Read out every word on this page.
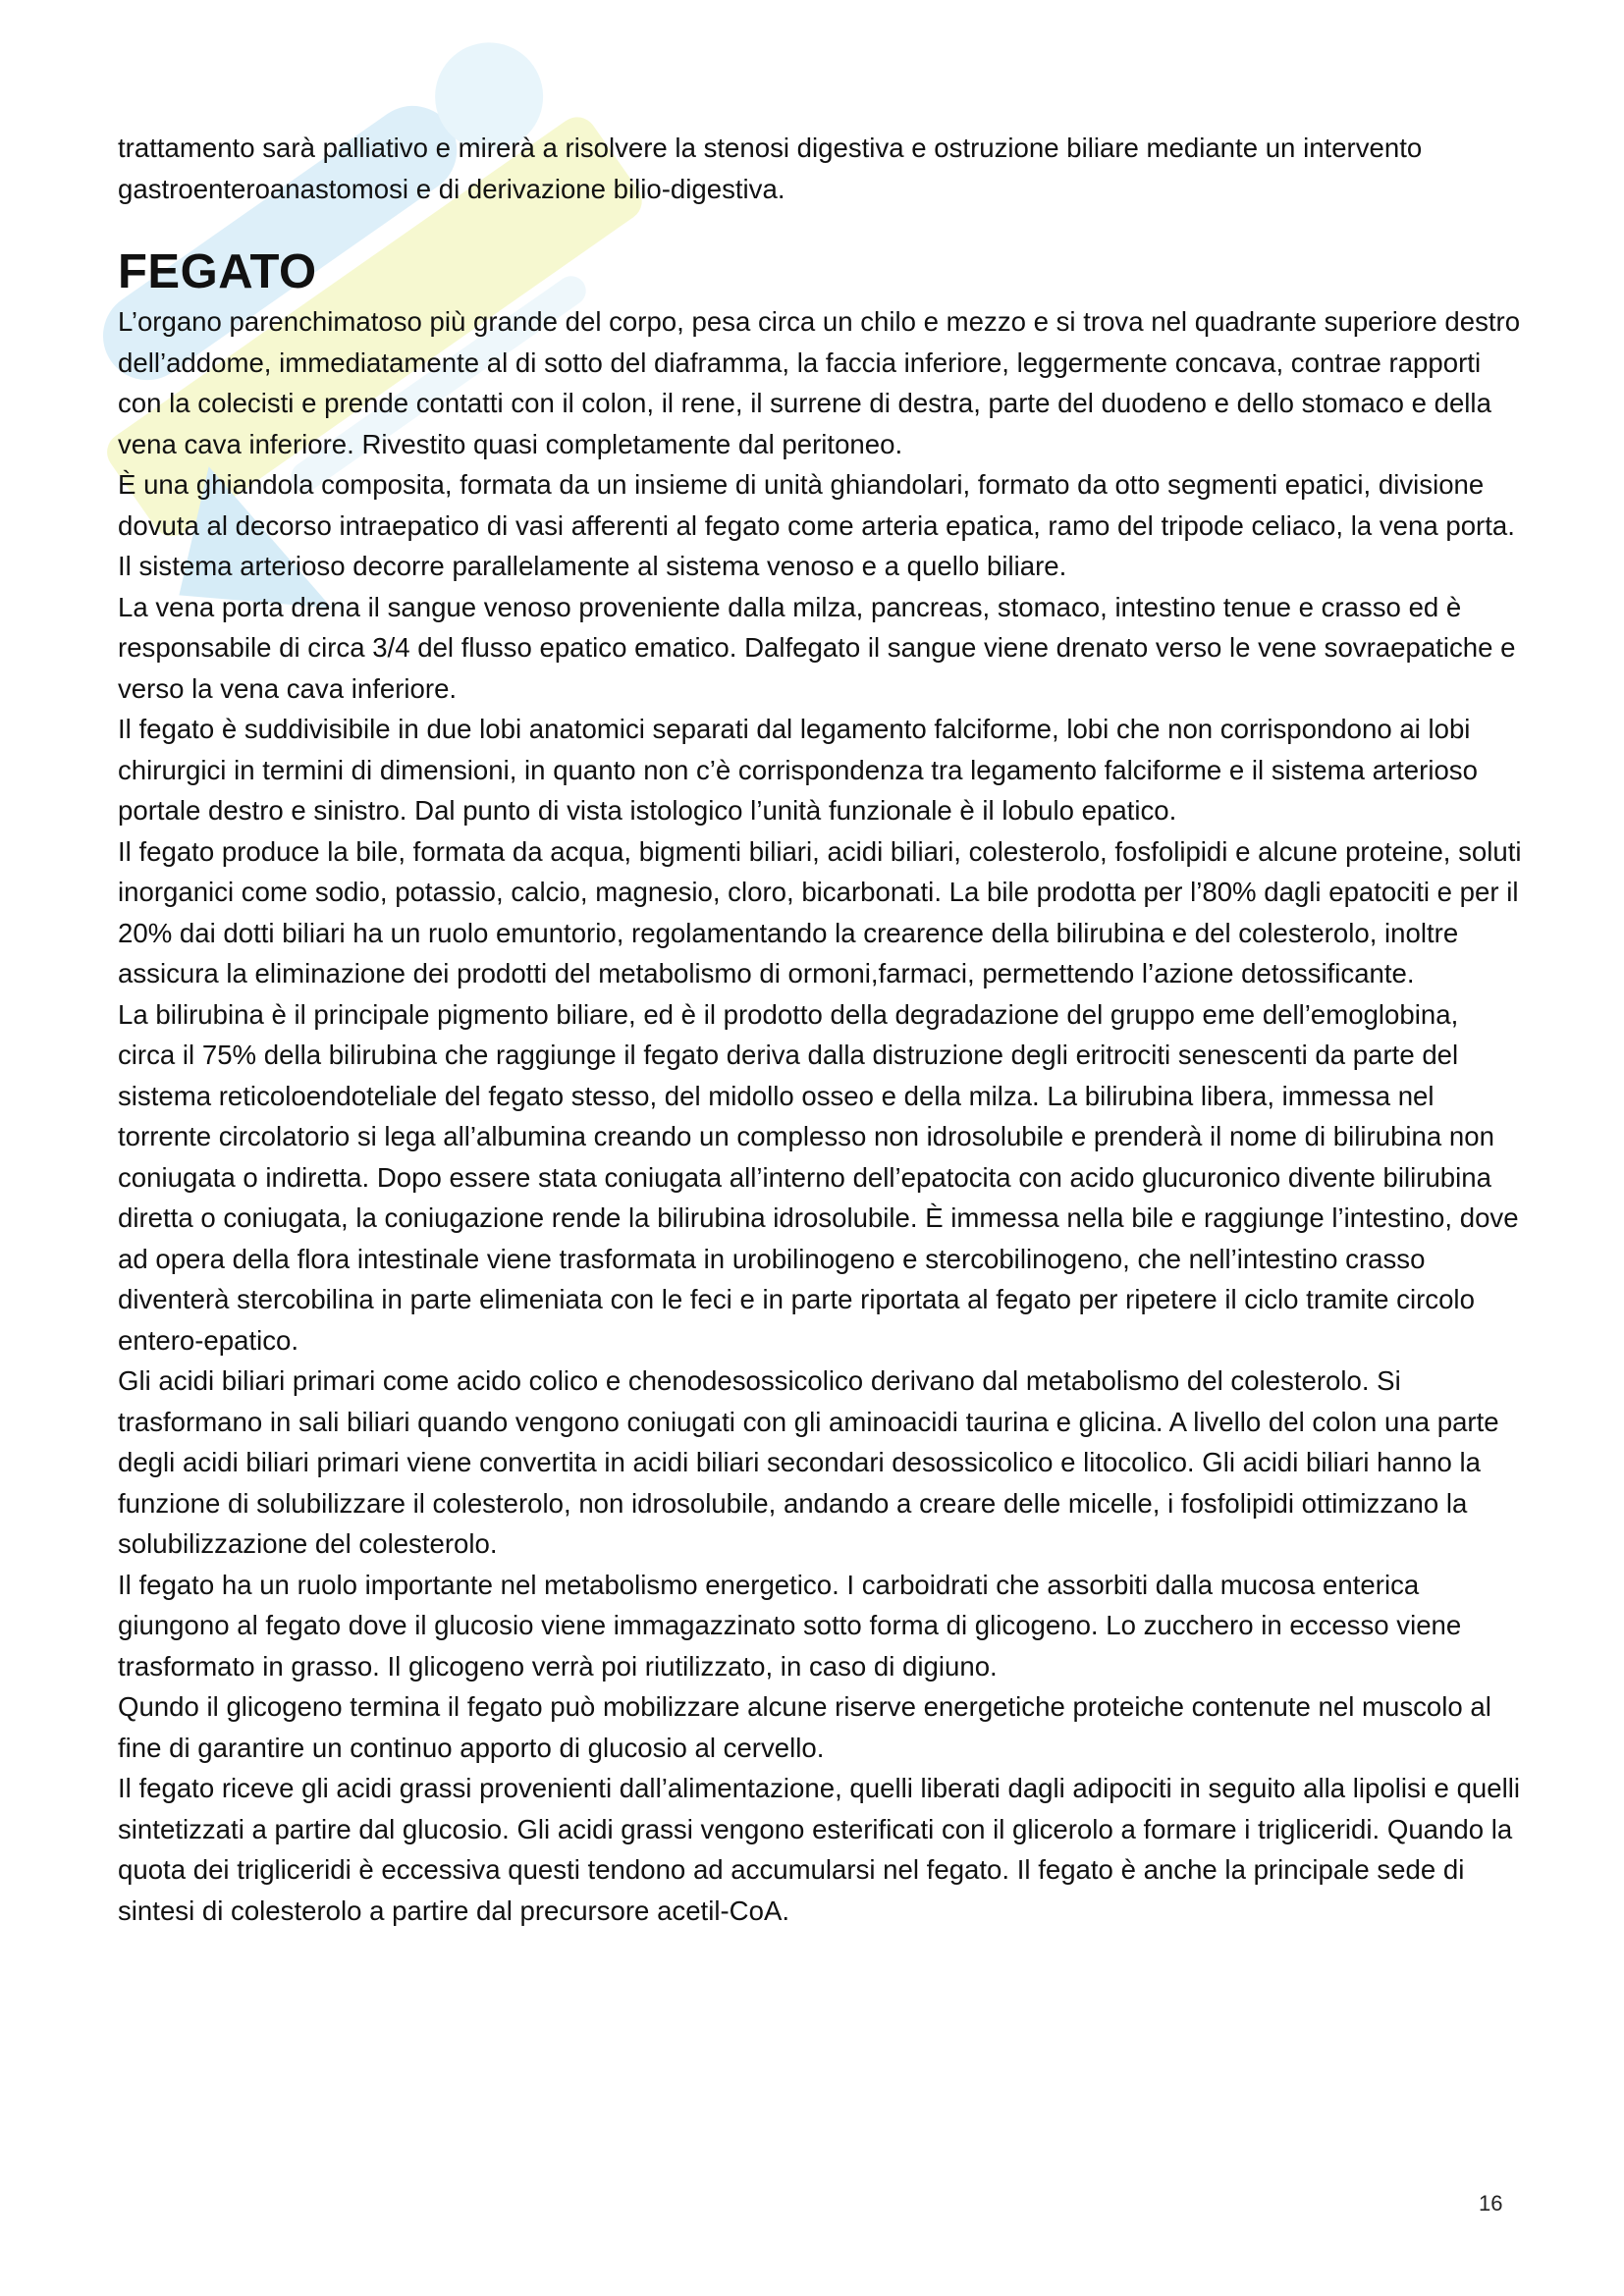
trattamento sarà palliativo e mirerà a risolvere la stenosi digestiva e ostruzione biliare mediante un intervento gastroenteroanastomosi e di derivazione bilio-digestiva.

FEGATO

L’organo parenchimatoso più grande del corpo, pesa circa un chilo e mezzo e si trova nel quadrante superiore destro dell’addome, immediatamente al di sotto del diaframma, la faccia inferiore, leggermente concava, contrae rapporti con la colecisti e prende contatti con il colon, il rene, il surrene di destra, parte del duodeno e dello stomaco e della vena cava inferiore. Rivestito quasi completamente dal peritoneo.

È una ghiandola composita, formata da un insieme di unità ghiandolari, formato da otto segmenti epatici, divisione dovuta al decorso intraepatico di vasi afferenti al fegato come arteria epatica, ramo del tripode celiaco, la vena porta. Il sistema arterioso decorre parallelamente al sistema venoso e a quello biliare.

La vena porta drena il sangue venoso proveniente dalla milza, pancreas, stomaco, intestino tenue e crasso ed è responsabile di circa 3/4 del flusso epatico ematico. Dalfegato il sangue viene drenato verso le vene sovraepatiche e verso la vena cava inferiore.

Il fegato è suddivisibile in due lobi anatomici separati dal legamento falciforme, lobi che non corrispondono ai lobi chirurgici in termini di dimensioni, in quanto non c’è corrispondenza tra legamento falciforme e il sistema arterioso portale destro e sinistro. Dal punto di vista istologico l’unità funzionale è il lobulo epatico.

Il fegato produce la bile, formata da acqua, bigmenti biliari, acidi biliari, colesterolo, fosfolipidi e alcune proteine, soluti inorganici come sodio, potassio, calcio, magnesio, cloro, bicarbonati. La bile prodotta per l’80% dagli epatociti e per il 20% dai dotti biliari ha un ruolo emuntorio, regolamentando la crearence della bilirubina e del colesterolo, inoltre assicura la eliminazione dei prodotti del metabolismo di ormoni,farmaci, permettendo l’azione detossificante.

La bilirubina è il principale pigmento biliare, ed è il prodotto della degradazione del gruppo eme dell’emoglobina, circa il 75% della bilirubina che raggiunge il fegato deriva dalla distruzione degli eritrociti senescenti da parte del sistema reticoloendoteliale del fegato stesso, del midollo osseo e della milza. La bilirubina libera, immessa nel torrente circolatorio si lega all’albumina creando un complesso non idrosolubile e prenderà il nome di bilirubina non coniugata o indiretta. Dopo essere stata coniugata all’interno dell’epatocita con acido glucuronico divente bilirubina diretta o coniugata, la coniugazione rende la bilirubina idrosolubile. È immessa nella bile e raggiunge l’intestino, dove ad opera della flora intestinale viene trasformata in urobilinogeno e stercobilinogeno, che nell’intestino crasso diventerà stercobilina in parte elimeniata con le feci e in parte riportata al fegato per ripetere il ciclo tramite circolo entero-epatico.

Gli acidi biliari primari come acido colico e chenodesossicolico derivano dal metabolismo del colesterolo. Si trasformano in sali biliari quando vengono coniugati con gli aminoacidi taurina e glicina. A livello del colon una parte degli acidi biliari primari viene convertita in acidi biliari secondari desossicolico e litocolico. Gli acidi biliari hanno la funzione di solubilizzare il colesterolo, non idrosolubile, andando a creare delle micelle, i fosfolipidi ottimizzano la solubilizzazione del colesterolo.

Il fegato ha un ruolo importante nel metabolismo energetico. I carboidrati che assorbiti dalla mucosa enterica giungono al fegato dove il glucosio viene immagazzinato sotto forma di glicogeno. Lo zucchero in eccesso viene trasformato in grasso. Il glicogeno verrà poi riutilizzato, in caso di digiuno.

Qundo il glicogeno termina il fegato può mobilizzare alcune riserve energetiche proteiche contenute nel muscolo al fine di garantire un continuo apporto di glucosio al cervello.

Il fegato riceve gli acidi grassi provenienti dall’alimentazione, quelli liberati dagli adipociti in seguito alla lipolisi e quelli sintetizzati a partire dal glucosio. Gli acidi grassi vengono esterificati con il glicerolo a formare i trigliceridi. Quando la quota dei trigliceridi è eccessiva questi tendono ad accumularsi nel fegato. Il fegato è anche la principale sede di sintesi di colesterolo a partire dal precursore acetil-CoA.

16
